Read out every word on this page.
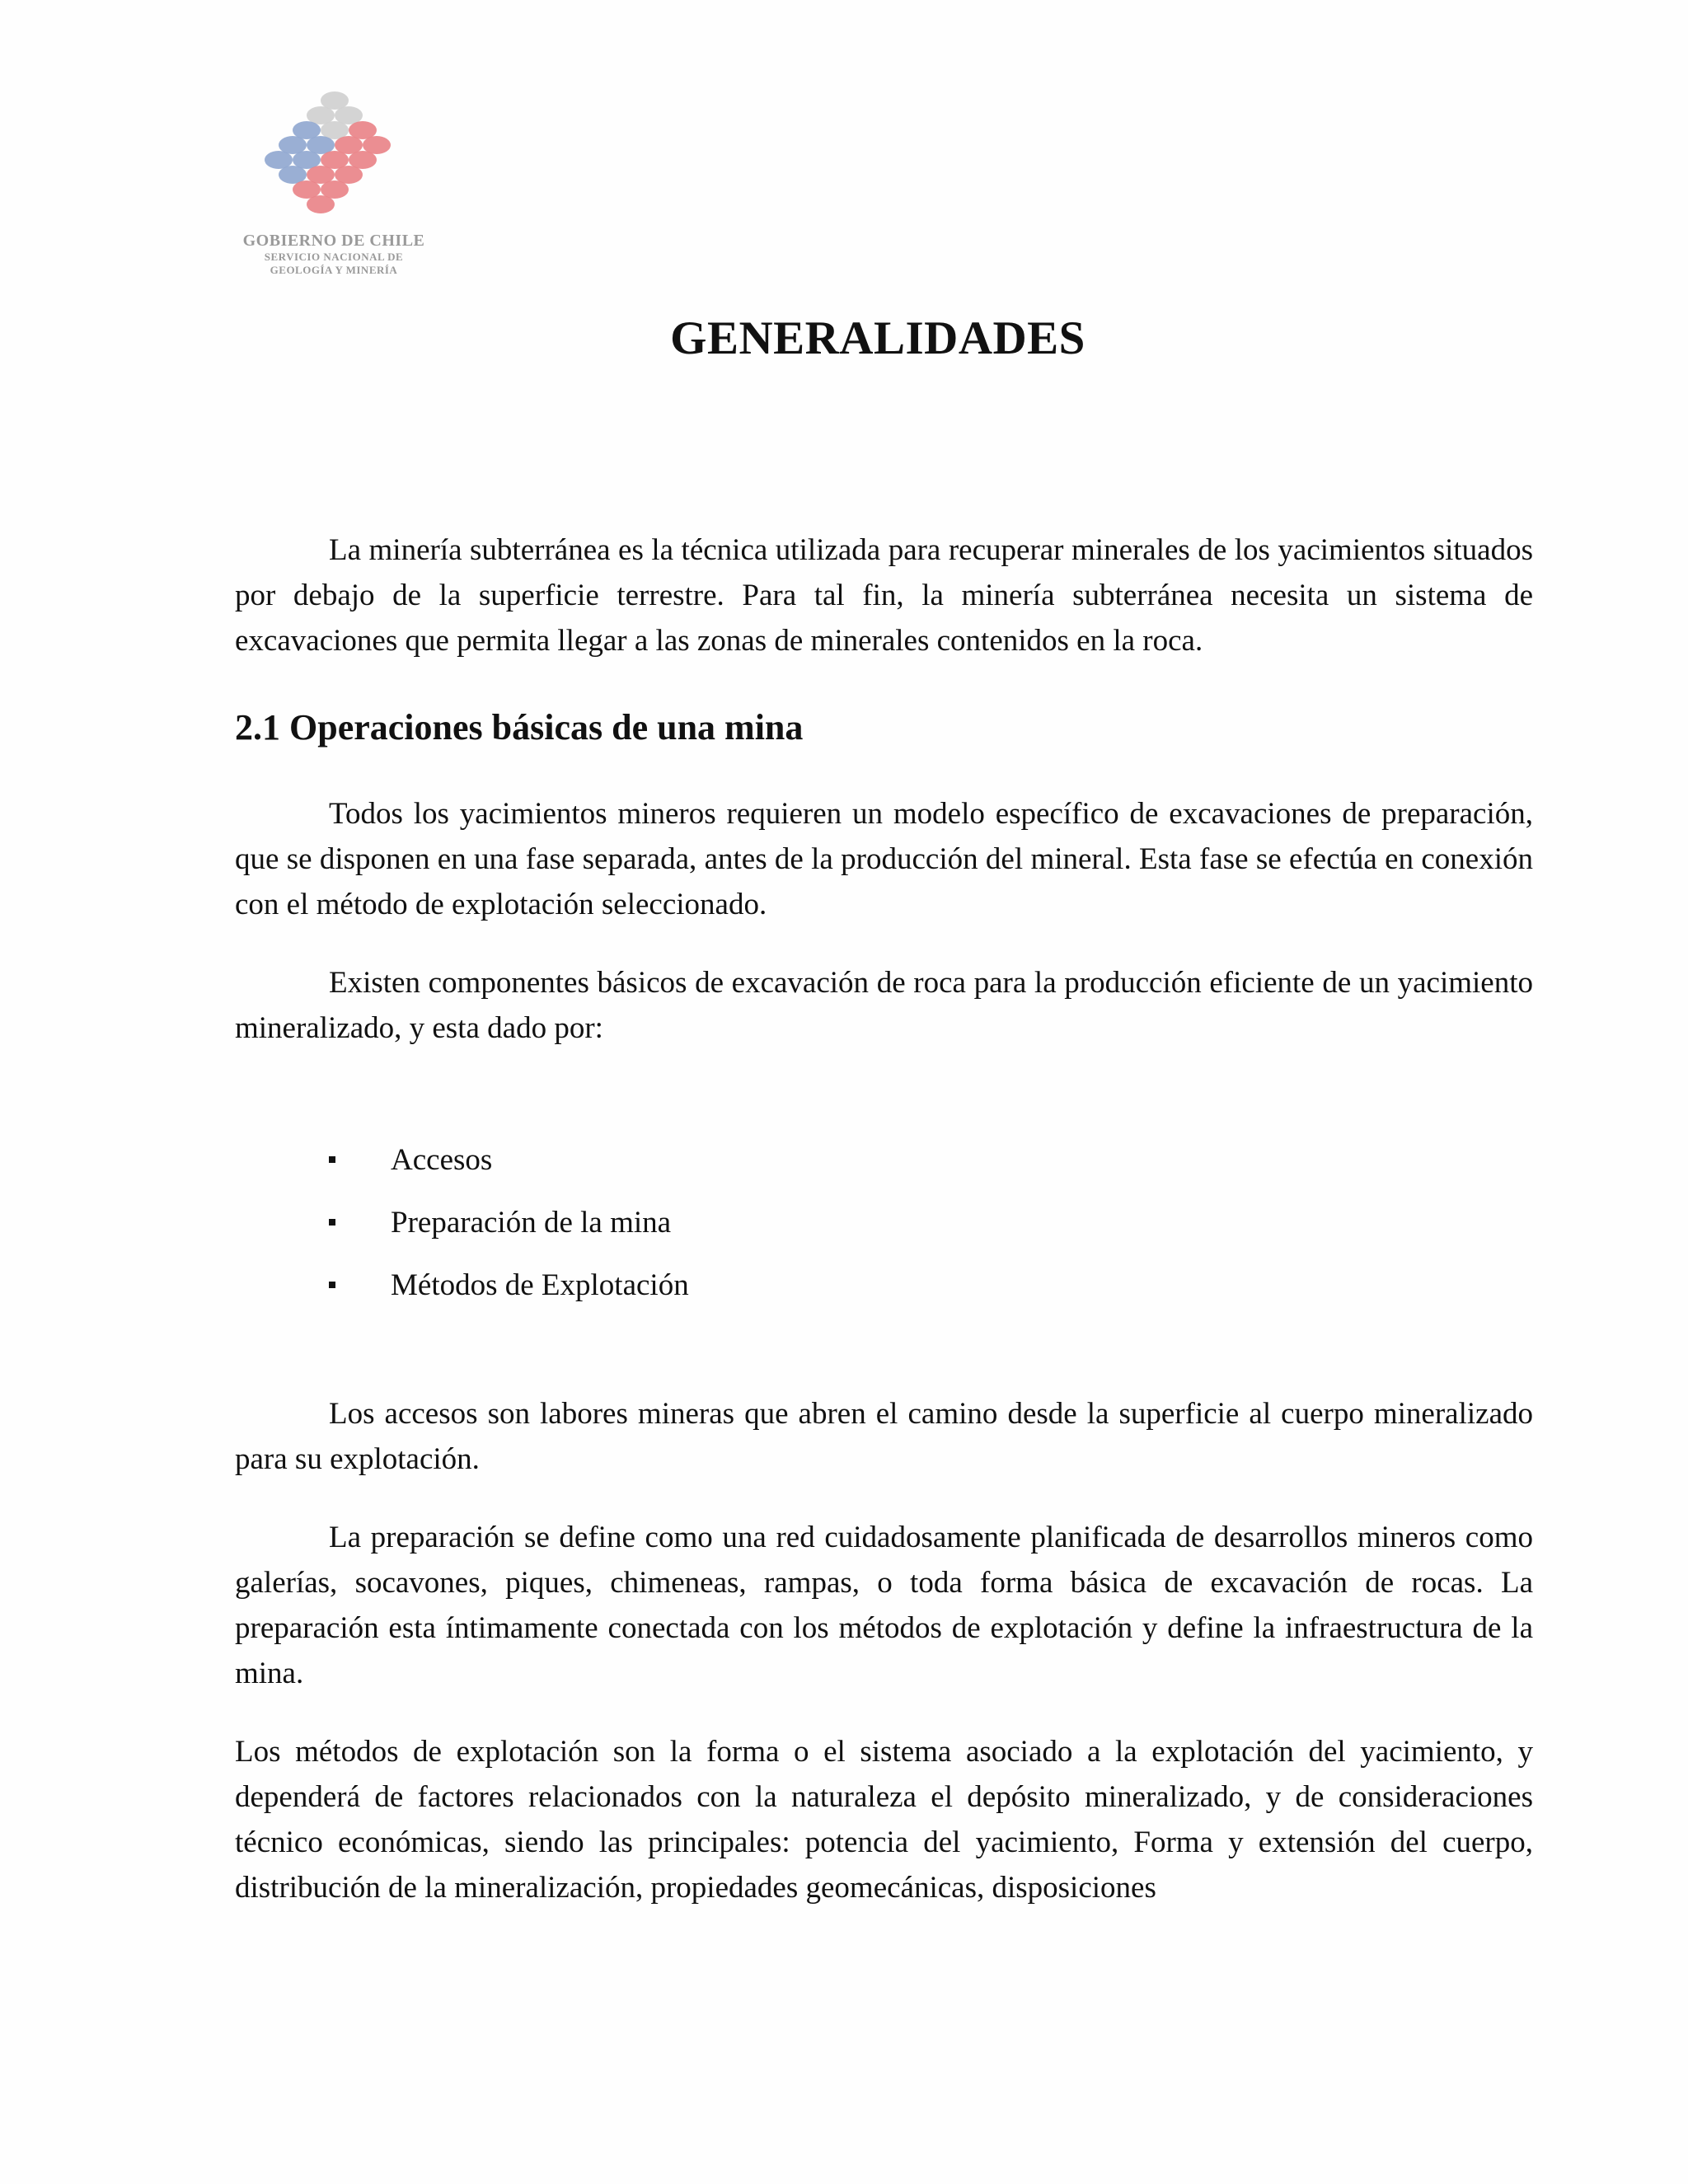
GOBIERNO DE CHILE
SERVICIO NACIONAL DE
GEOLOGÍA Y MINERÍA
GENERALIDADES

La minería subterránea es la técnica utilizada para recuperar minerales de los yacimientos situados por debajo de la superficie terrestre. Para tal fin, la minería subterránea necesita un sistema de excavaciones que permita llegar a las zonas de minerales contenidos en la roca.

2.1 Operaciones básicas de una mina

Todos los yacimientos mineros requieren un modelo específico de excavaciones de preparación, que se disponen en una fase separada, antes de la producción del mineral. Esta fase se efectúa en conexión con el método de explotación seleccionado.

Existen componentes básicos de excavación de roca para la producción eficiente de un yacimiento mineralizado, y esta dado por:

Accesos
Preparación de la mina
Métodos de Explotación

Los accesos son labores mineras que abren el camino desde la superficie al cuerpo mineralizado para su explotación.

La preparación se define como una red cuidadosamente planificada de desarrollos mineros como galerías, socavones, piques, chimeneas, rampas, o toda forma básica de excavación de rocas. La preparación esta íntimamente conectada con los métodos de explotación y define la infraestructura de la mina.

Los métodos de explotación son la forma o el sistema asociado a la explotación del yacimiento, y dependerá de factores relacionados con la naturaleza el depósito mineralizado, y de consideraciones técnico económicas, siendo las principales: potencia del yacimiento, Forma y extensión del cuerpo, distribución de la mineralización, propiedades geomecánicas, disposiciones
